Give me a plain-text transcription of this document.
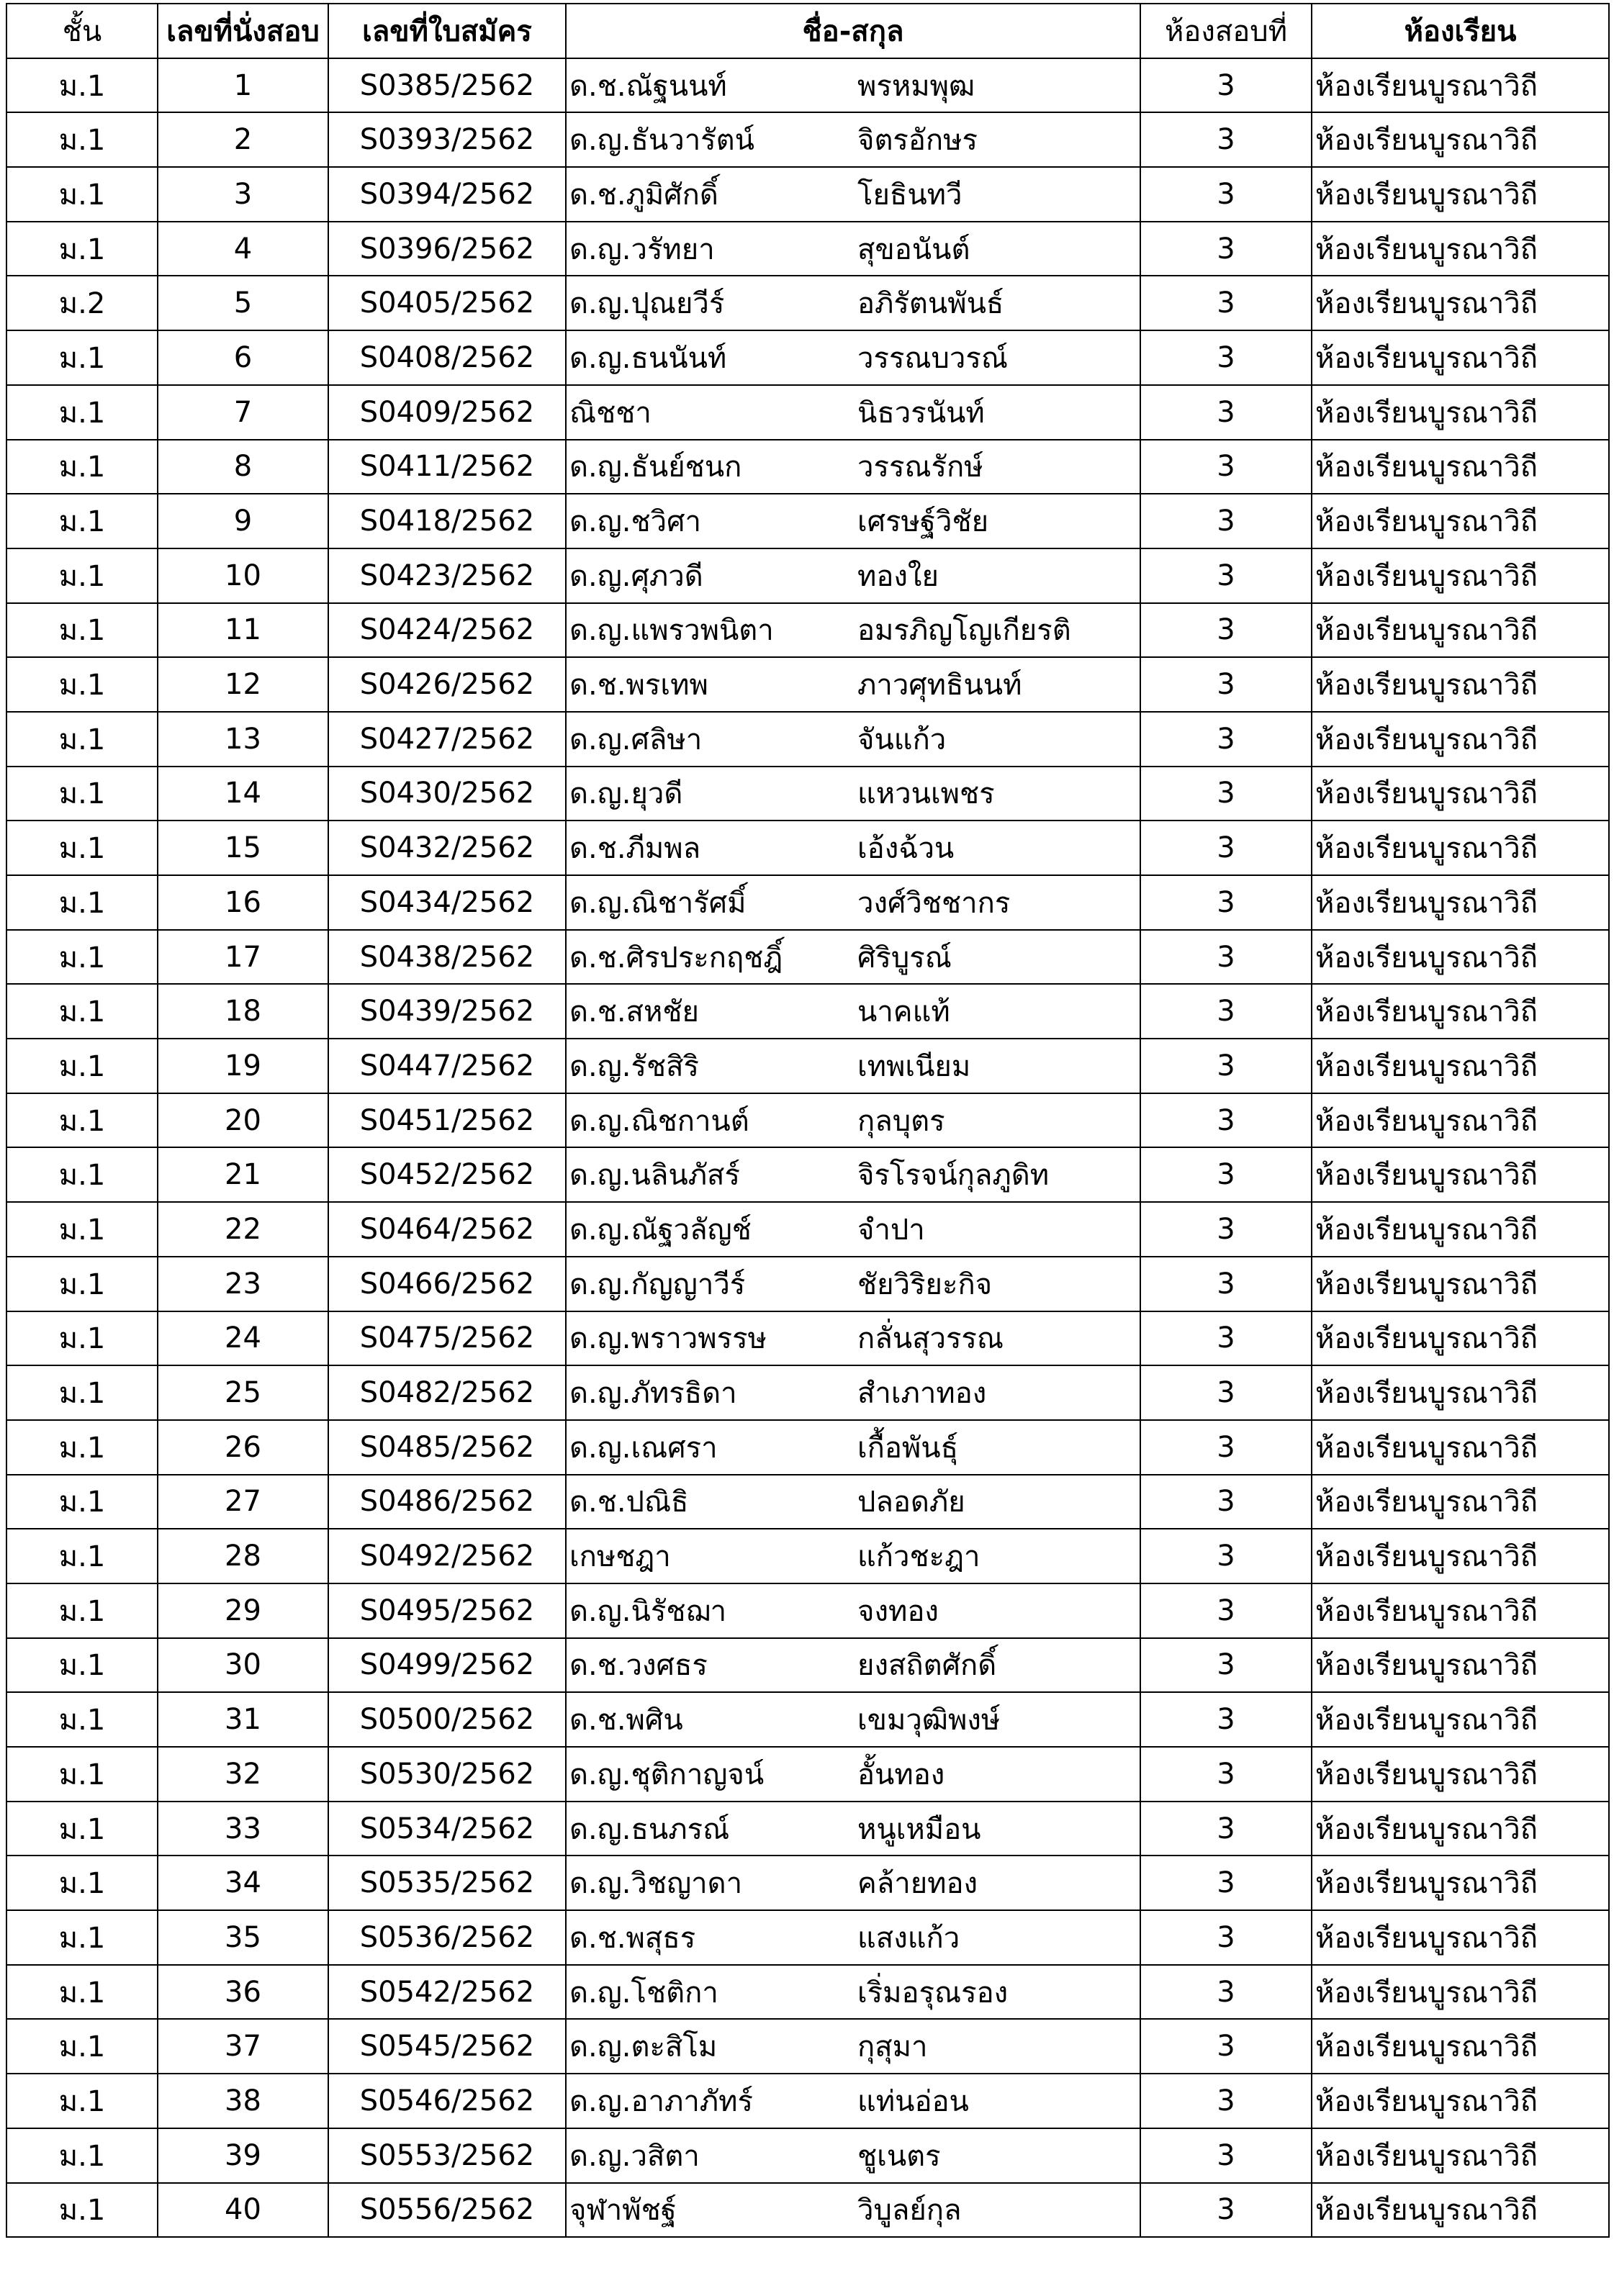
ชั้น	เลขที่นั่งสอบ	เลขที่ใบสมัคร	ชื่อ-สกุล	ห้องสอบที่	ห้องเรียน
ม.1	1	S0385/2562	ด.ช.ณัฐนนท์ พรหมพุฒ	3	ห้องเรียนบูรณาวิถี
ม.1	2	S0393/2562	ด.ญ.ธันวารัตน์ จิตรอักษร	3	ห้องเรียนบูรณาวิถี
ม.1	3	S0394/2562	ด.ช.ภูมิศักดิ์ โยธินทวี	3	ห้องเรียนบูรณาวิถี
ม.1	4	S0396/2562	ด.ญ.วรัทยา สุขอนันต์	3	ห้องเรียนบูรณาวิถี
ม.2	5	S0405/2562	ด.ญ.ปุณยวีร์ อภิรัตนพันธ์	3	ห้องเรียนบูรณาวิถี
ม.1	6	S0408/2562	ด.ญ.ธนนันท์ วรรณบวรณ์	3	ห้องเรียนบูรณาวิถี
ม.1	7	S0409/2562	ณิชชา นิธวรนันท์	3	ห้องเรียนบูรณาวิถี
ม.1	8	S0411/2562	ด.ญ.ธันย์ชนก วรรณรักษ์	3	ห้องเรียนบูรณาวิถี
ม.1	9	S0418/2562	ด.ญ.ชวิศา เศรษฐ์วิชัย	3	ห้องเรียนบูรณาวิถี
ม.1	10	S0423/2562	ด.ญ.ศุภวดี ทองใย	3	ห้องเรียนบูรณาวิถี
ม.1	11	S0424/2562	ด.ญ.แพรวพนิตา อมรภิญโญเกียรติ	3	ห้องเรียนบูรณาวิถี
ม.1	12	S0426/2562	ด.ช.พรเทพ ภาวศุทธินนท์	3	ห้องเรียนบูรณาวิถี
ม.1	13	S0427/2562	ด.ญ.ศลิษา จันแก้ว	3	ห้องเรียนบูรณาวิถี
ม.1	14	S0430/2562	ด.ญ.ยุวดี แหวนเพชร	3	ห้องเรียนบูรณาวิถี
ม.1	15	S0432/2562	ด.ช.ภีมพล เอ้งฉ้วน	3	ห้องเรียนบูรณาวิถี
ม.1	16	S0434/2562	ด.ญ.ณิชารัศมิ์ วงศ์วิชชากร	3	ห้องเรียนบูรณาวิถี
ม.1	17	S0438/2562	ด.ช.ศิรประกฤชฎิ์ ศิริบูรณ์	3	ห้องเรียนบูรณาวิถี
ม.1	18	S0439/2562	ด.ช.สหชัย นาคแท้	3	ห้องเรียนบูรณาวิถี
ม.1	19	S0447/2562	ด.ญ.รัชสิริ เทพเนียม	3	ห้องเรียนบูรณาวิถี
ม.1	20	S0451/2562	ด.ญ.ณิชกานต์ กุลบุตร	3	ห้องเรียนบูรณาวิถี
ม.1	21	S0452/2562	ด.ญ.นลินภัสร์ จิรโรจน์กุลภูดิท	3	ห้องเรียนบูรณาวิถี
ม.1	22	S0464/2562	ด.ญ.ณัฐวลัญช์ จำปา	3	ห้องเรียนบูรณาวิถี
ม.1	23	S0466/2562	ด.ญ.กัญญาวีร์ ชัยวิริยะกิจ	3	ห้องเรียนบูรณาวิถี
ม.1	24	S0475/2562	ด.ญ.พราวพรรษ กลั่นสุวรรณ	3	ห้องเรียนบูรณาวิถี
ม.1	25	S0482/2562	ด.ญ.ภัทรธิดา สำเภาทอง	3	ห้องเรียนบูรณาวิถี
ม.1	26	S0485/2562	ด.ญ.เณศรา เกื้อพันธุ์	3	ห้องเรียนบูรณาวิถี
ม.1	27	S0486/2562	ด.ช.ปณิธิ ปลอดภัย	3	ห้องเรียนบูรณาวิถี
ม.1	28	S0492/2562	เกษชฎา แก้วชะฎา	3	ห้องเรียนบูรณาวิถี
ม.1	29	S0495/2562	ด.ญ.นิรัชฌา จงทอง	3	ห้องเรียนบูรณาวิถี
ม.1	30	S0499/2562	ด.ช.วงศธร ยงสถิตศักดิ์	3	ห้องเรียนบูรณาวิถี
ม.1	31	S0500/2562	ด.ช.พศิน เขมวุฒิพงษ์	3	ห้องเรียนบูรณาวิถี
ม.1	32	S0530/2562	ด.ญ.ชุติกาญจน์ อั้นทอง	3	ห้องเรียนบูรณาวิถี
ม.1	33	S0534/2562	ด.ญ.ธนภรณ์ หนูเหมือน	3	ห้องเรียนบูรณาวิถี
ม.1	34	S0535/2562	ด.ญ.วิชญาดา คล้ายทอง	3	ห้องเรียนบูรณาวิถี
ม.1	35	S0536/2562	ด.ช.พสุธร แสงแก้ว	3	ห้องเรียนบูรณาวิถี
ม.1	36	S0542/2562	ด.ญ.โชติกา เริ่มอรุณรอง	3	ห้องเรียนบูรณาวิถี
ม.1	37	S0545/2562	ด.ญ.ตะสิโม กุสุมา	3	ห้องเรียนบูรณาวิถี
ม.1	38	S0546/2562	ด.ญ.อาภาภัทร์ แท่นอ่อน	3	ห้องเรียนบูรณาวิถี
ม.1	39	S0553/2562	ด.ญ.วสิตา ชูเนตร	3	ห้องเรียนบูรณาวิถี
ม.1	40	S0556/2562	จุฬาพัชฐ์ วิบูลย์กุล	3	ห้องเรียนบูรณาวิถี
